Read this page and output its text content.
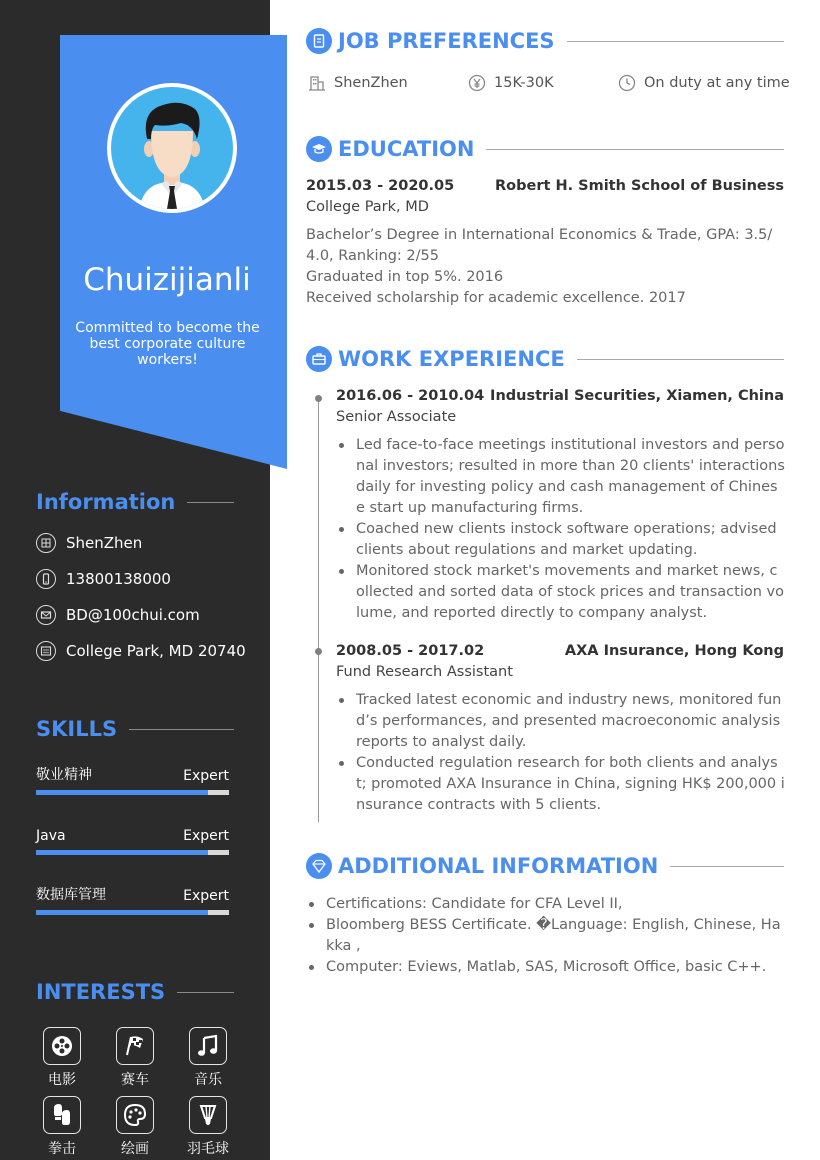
Chuizijianli
Committed to become the best corporate culture workers!
Information
ShenZhen
13800138000
BD@100chui.com
College Park, MD 20740
SKILLS
敬业精神	Expert
Java	Expert
数据库管理	Expert
INTERESTS
电影	赛车	音乐
拳击	绘画	羽毛球
JOB PREFERENCES
ShenZhen	15K-30K	On duty at any time
EDUCATION
2015.03 - 2020.05	Robert H. Smith School of Business
College Park, MD
Bachelor’s Degree in International Economics & Trade, GPA: 3.5/4.0, Ranking: 2/55
Graduated in top 5%. 2016
Received scholarship for academic excellence. 2017
WORK EXPERIENCE
2016.06 - 2010.04 Industrial Securities, Xiamen, China
Senior Associate
Led face-to-face meetings institutional investors and personal investors; resulted in more than 20 clients' interactions daily for investing policy and cash management of Chinese start up manufacturing firms.
Coached new clients instock software operations; advised clients about regulations and market updating.
Monitored stock market's movements and market news, collected and sorted data of stock prices and transaction volume, and reported directly to company analyst.
2008.05 - 2017.02	AXA Insurance, Hong Kong
Fund Research Assistant
Tracked latest economic and industry news, monitored fund’s performances, and presented macroeconomic analysis reports to analyst daily.
Conducted regulation research for both clients and analyst; promoted AXA Insurance in China, signing HK$ 200,000 insurance contracts with 5 clients.
ADDITIONAL INFORMATION
Certifications: Candidate for CFA Level II,
Bloomberg BESS Certificate. �Language: English, Chinese, Hakka ,
Computer: Eviews, Matlab, SAS, Microsoft Office, basic C++.
